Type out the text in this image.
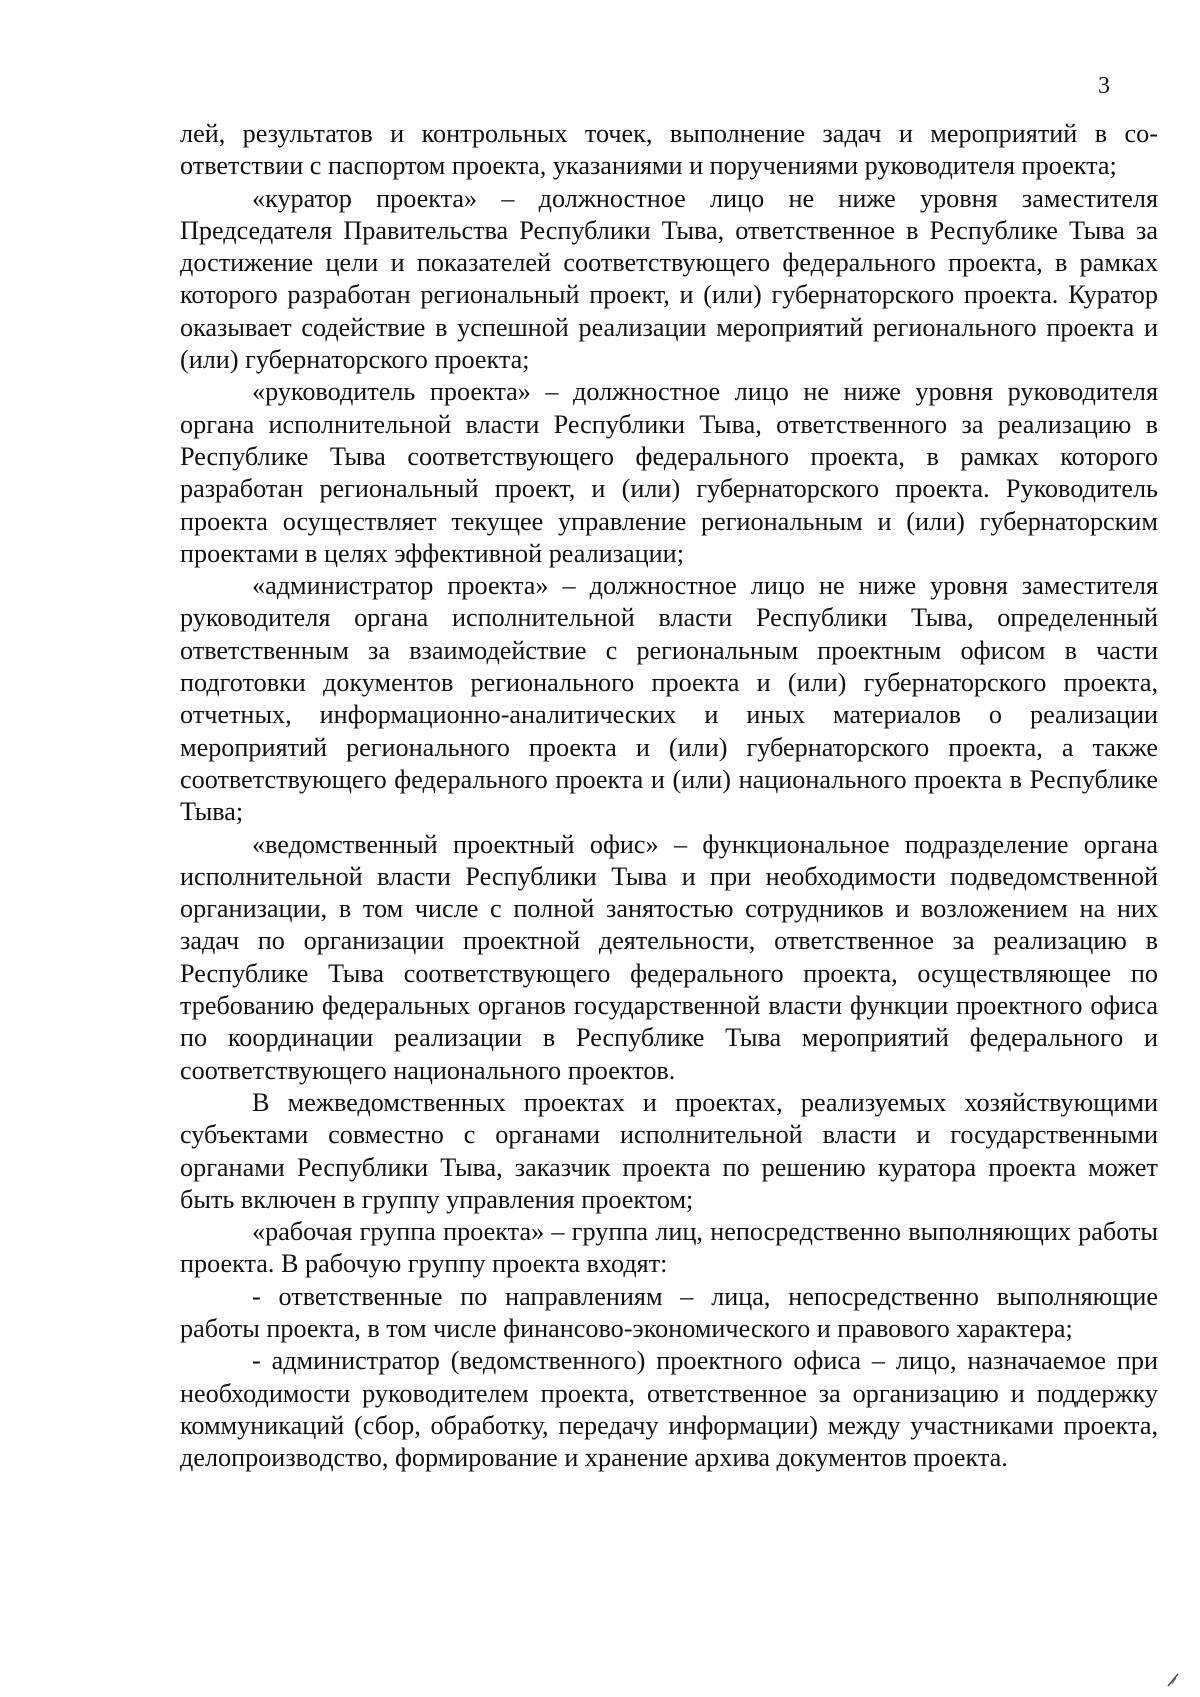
3

лей, результатов и контрольных точек, выполнение задач и мероприятий в соответствии с паспортом проекта, указаниями и поручениями руководителя проекта;

«куратор проекта» – должностное лицо не ниже уровня заместителя Председателя Правительства Республики Тыва, ответственное в Республике Тыва за достижение цели и показателей соответствующего федерального проекта, в рамках которого разработан региональный проект, и (или) губернаторского проекта. Куратор оказывает содействие в успешной реализации мероприятий регионального проекта и (или) губернаторского проекта;

«руководитель проекта» – должностное лицо не ниже уровня руководителя органа исполнительной власти Республики Тыва, ответственного за реализацию в Республике Тыва соответствующего федерального проекта, в рамках которого разработан региональный проект, и (или) губернаторского проекта. Руководитель проекта осуществляет текущее управление региональным и (или) губернаторским проектами в целях эффективной реализации;

«администратор проекта» – должностное лицо не ниже уровня заместителя руководителя органа исполнительной власти Республики Тыва, определенный ответственным за взаимодействие с региональным проектным офисом в части подготовки документов регионального проекта и (или) губернаторского проекта, отчетных, информационно-аналитических и иных материалов о реализации мероприятий регионального проекта и (или) губернаторского проекта, а также соответствующего федерального проекта и (или) национального проекта в Республике Тыва;

«ведомственный проектный офис» – функциональное подразделение органа исполнительной власти Республики Тыва и при необходимости подведомственной организации, в том числе с полной занятостью сотрудников и возложением на них задач по организации проектной деятельности, ответственное за реализацию в Республике Тыва соответствующего федерального проекта, осуществляющее по требованию федеральных органов государственной власти функции проектного офиса по координации реализации в Республике Тыва мероприятий федерального и соответствующего национального проектов.

В межведомственных проектах и проектах, реализуемых хозяйствующими субъектами совместно с органами исполнительной власти и государственными органами Республики Тыва, заказчик проекта по решению куратора проекта может быть включен в группу управления проектом;

«рабочая группа проекта» – группа лиц, непосредственно выполняющих работы проекта. В рабочую группу проекта входят:

- ответственные по направлениям – лица, непосредственно выполняющие работы проекта, в том числе финансово-экономического и правового характера;

- администратор (ведомственного) проектного офиса – лицо, назначаемое при необходимости руководителем проекта, ответственное за организацию и поддержку коммуникаций (сбор, обработку, передачу информации) между участниками проекта, делопроизводство, формирование и хранение архива документов проекта.
